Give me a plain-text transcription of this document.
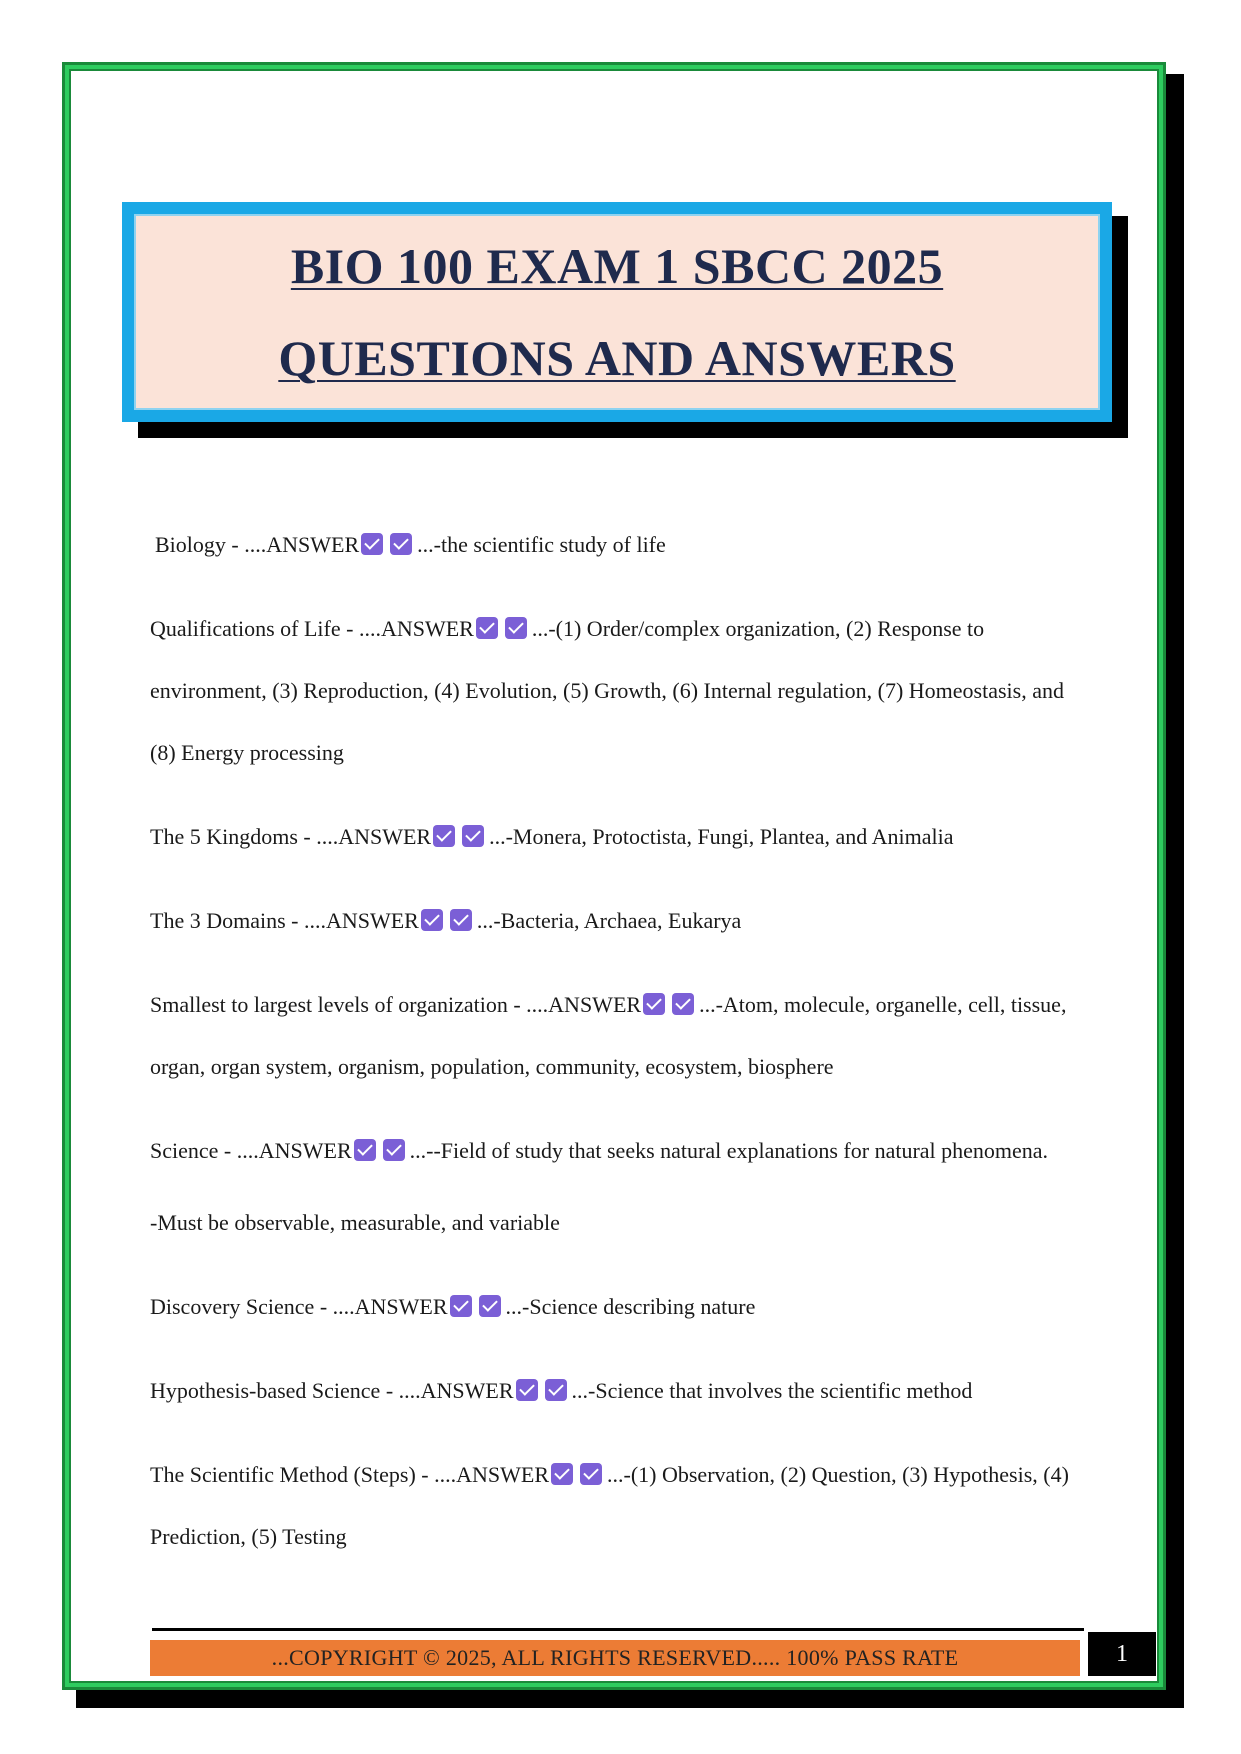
BIO 100 EXAM 1 SBCC 2025
QUESTIONS AND ANSWERS

Biology - ....ANSWER	...-the scientific study of life

Qualifications of Life - ....ANSWER	...-(1) Order/complex organization, (2) Response to environment, (3) Reproduction, (4) Evolution, (5) Growth, (6) Internal regulation, (7) Homeostasis, and (8) Energy processing

The 5 Kingdoms - ....ANSWER	...-Monera, Protoctista, Fungi, Plantea, and Animalia

The 3 Domains - ....ANSWER	...-Bacteria, Archaea, Eukarya

Smallest to largest levels of organization - ....ANSWER	...-Atom, molecule, organelle, cell, tissue, organ, organ system, organism, population, community, ecosystem, biosphere

Science - ....ANSWER	...--Field of study that seeks natural explanations for natural phenomena.

-Must be observable, measurable, and variable

Discovery Science - ....ANSWER	...-Science describing nature

Hypothesis-based Science - ....ANSWER	...-Science that involves the scientific method

The Scientific Method (Steps) - ....ANSWER	...-(1) Observation, (2) Question, (3) Hypothesis, (4) Prediction, (5) Testing

...COPYRIGHT © 2025, ALL RIGHTS RESERVED..... 100% PASS RATE	1
